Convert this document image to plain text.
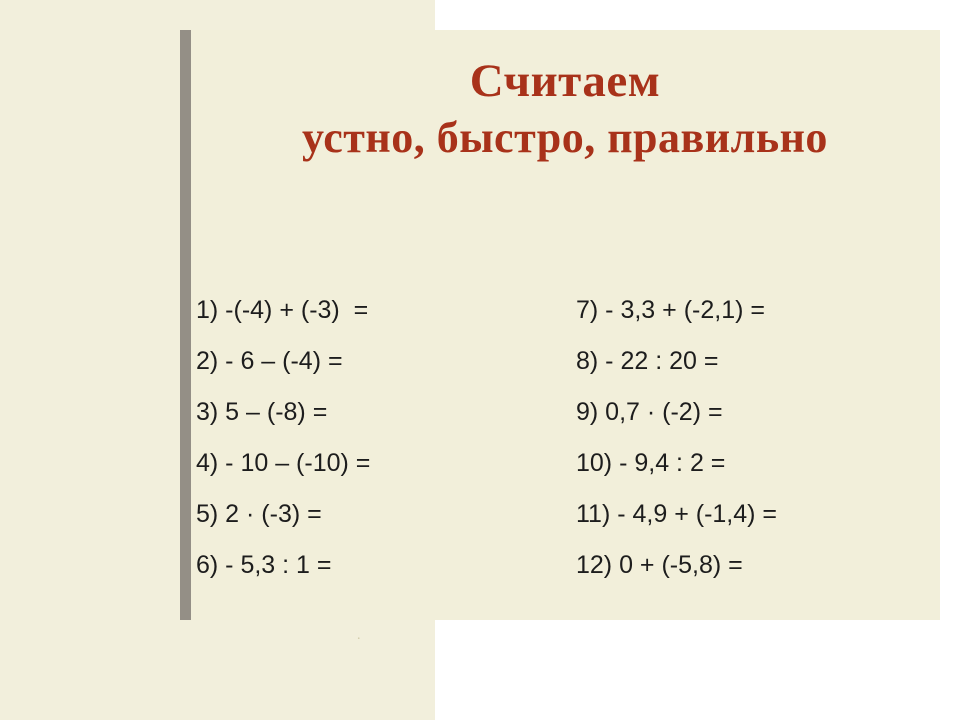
Считаем
устно, быстро, правильно
1) -(-4) + (-3)  =
2) - 6 – (-4) =
3) 5 – (-8) =
4) - 10 – (-10) =
5) 2 · (-3) =
6) - 5,3 : 1 =
7) - 3,3 + (-2,1) =
8) - 22 : 20 =
9) 0,7 · (-2) =
10) - 9,4 : 2 =
11) - 4,9 + (-1,4) =
12) 0 + (-5,8) =
.
